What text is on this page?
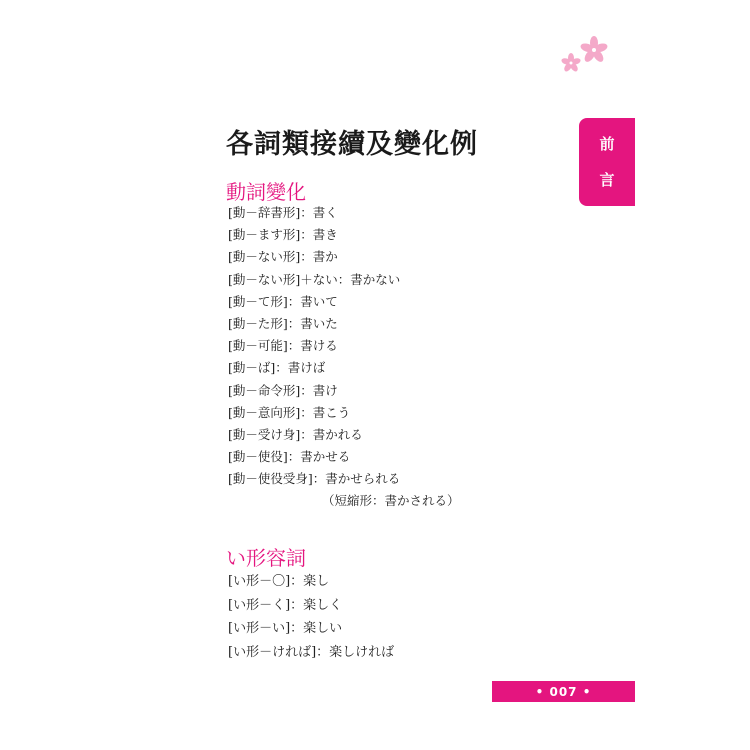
各詞類接續及變化例	前
言
動詞變化
[動－辞書形]：書く
[動－ます形]：書き
[動－ない形]：書か
[動－ない形]＋ない：書かない
[動－て形]：書いて
[動－た形]：書いた
[動－可能]：書ける
[動－ば]：書けば
[動－命令形]：書け
[動－意向形]：書こう
[動－受け身]：書かれる
[動－使役]：書かせる
[動－使役受身]：書かせられる
（短縮形：書かされる）
い形容詞
[い形－〇]：楽し
[い形－く]：楽しく
[い形－い]：楽しい
[い形－ければ]：楽しければ
• 007 •
